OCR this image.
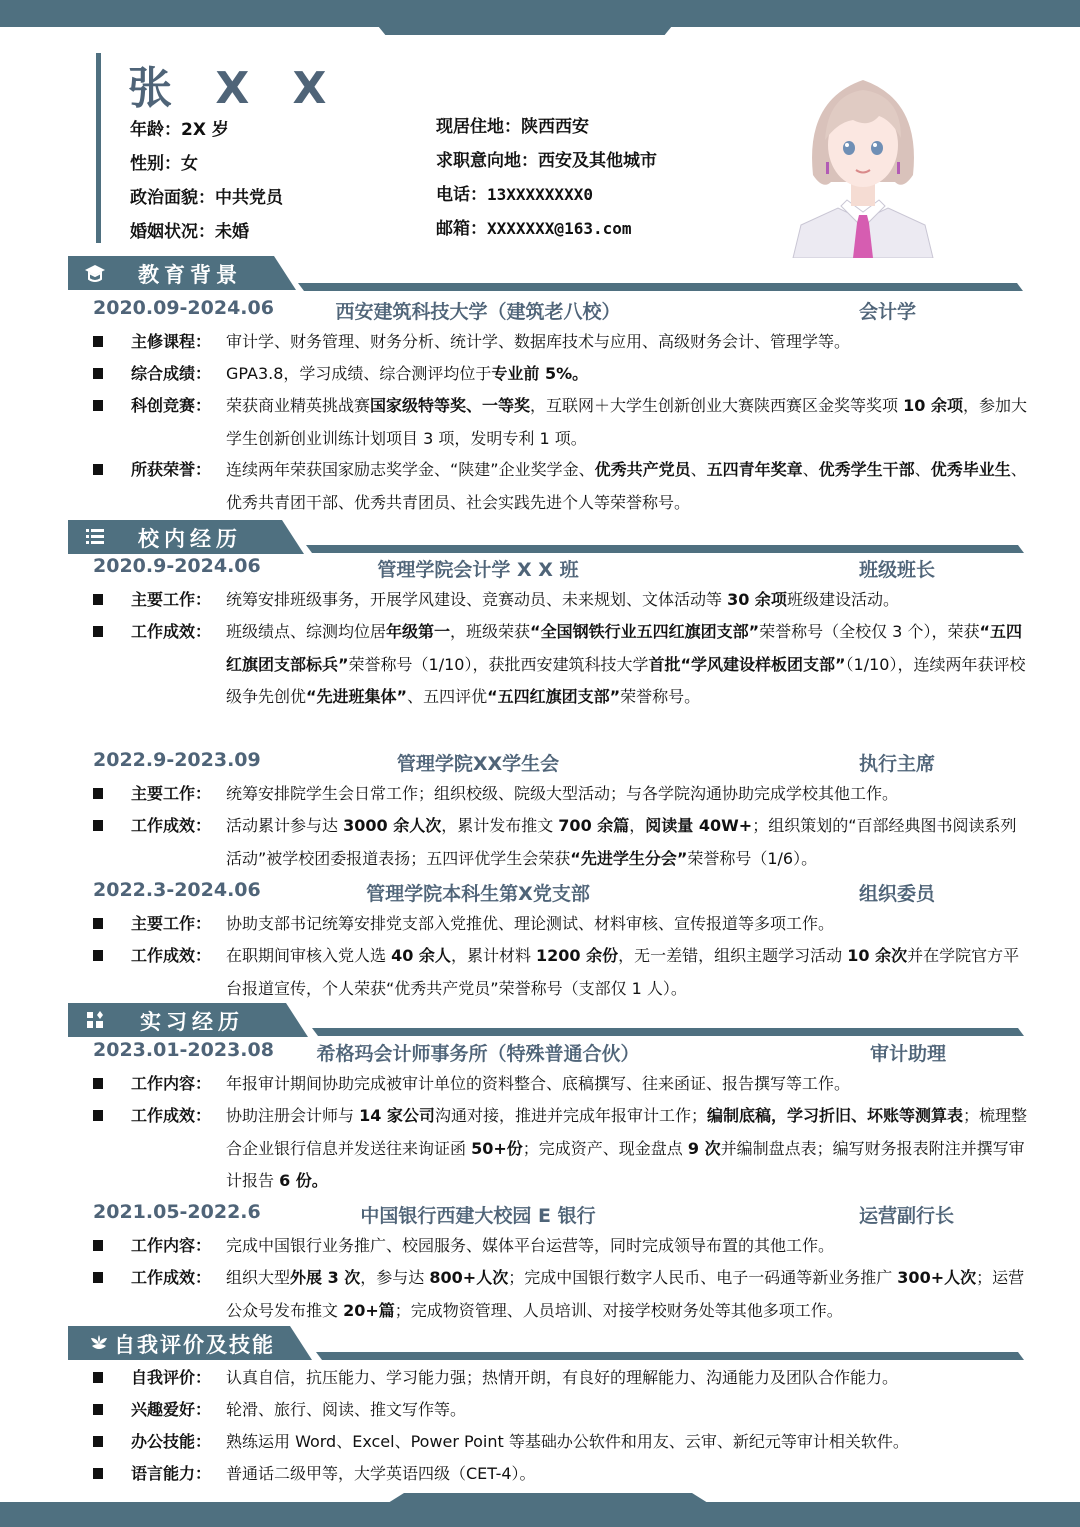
张 X X
年龄：2X 岁
性别：女
政治面貌：中共党员
婚姻状况：未婚
现居住地：陕西西安
求职意向地：西安及其他城市
电话：13XXXXXXXX0
邮箱：XXXXXXX@163.com
教育背景
2020.09-2024.06	西安建筑科技大学（建筑老八校）	会计学
主修课程： 审计学、财务管理、财务分析、统计学、数据库技术与应用、高级财务会计、管理学等。
综合成绩： GPA3.8，学习成绩、综合测评均位于专业前 5%。
科创竞赛： 荣获商业精英挑战赛国家级特等奖、一等奖，互联网＋大学生创新创业大赛陕西赛区金奖等奖项 10 余项，参加大学生创新创业训练计划项目 3 项，发明专利 1 项。
所获荣誉： 连续两年荣获国家励志奖学金、“陕建”企业奖学金、优秀共产党员、五四青年奖章、优秀学生干部、优秀毕业生、优秀共青团干部、优秀共青团员、社会实践先进个人等荣誉称号。
校内经历
2020.9-2024.06	管理学院会计学 X X 班	班级班长
主要工作： 统筹安排班级事务，开展学风建设、竞赛动员、未来规划、文体活动等 30 余项班级建设活动。
工作成效： 班级绩点、综测均位居年级第一，班级荣获“全国钢铁行业五四红旗团支部”荣誉称号（全校仅 3 个），荣获“五四红旗团支部标兵”荣誉称号（1/10），获批西安建筑科技大学首批“学风建设样板团支部”（1/10），连续两年获评校级争先创优“先进班集体”、五四评优“五四红旗团支部”荣誉称号。
2022.9-2023.09	管理学院XX学生会	执行主席
主要工作： 统筹安排院学生会日常工作；组织校级、院级大型活动；与各学院沟通协助完成学校其他工作。
工作成效： 活动累计参与达 3000 余人次，累计发布推文 700 余篇，阅读量 40W+；组织策划的“百部经典图书阅读系列活动”被学校团委报道表扬；五四评优学生会荣获“先进学生分会”荣誉称号（1/6）。
2022.3-2024.06	管理学院本科生第X党支部	组织委员
主要工作： 协助支部书记统筹安排党支部入党推优、理论测试、材料审核、宣传报道等多项工作。
工作成效： 在职期间审核入党人选 40 余人，累计材料 1200 余份，无一差错，组织主题学习活动 10 余次并在学院官方平台报道宣传，个人荣获“优秀共产党员”荣誉称号（支部仅 1 人）。
实习经历
2023.01-2023.08	希格玛会计师事务所（特殊普通合伙）	审计助理
工作内容： 年报审计期间协助完成被审计单位的资料整合、底稿撰写、往来函证、报告撰写等工作。
工作成效： 协助注册会计师与 14 家公司沟通对接，推进并完成年报审计工作；编制底稿，学习折旧、坏账等测算表；梳理整合企业银行信息并发送往来询证函 50+份；完成资产、现金盘点 9 次并编制盘点表；编写财务报表附注并撰写审计报告 6 份。
2021.05-2022.6	中国银行西建大校园 E 银行	运营副行长
工作内容： 完成中国银行业务推广、校园服务、媒体平台运营等，同时完成领导布置的其他工作。
工作成效： 组织大型外展 3 次，参与达 800+人次；完成中国银行数字人民币、电子一码通等新业务推广 300+人次；运营公众号发布推文 20+篇；完成物资管理、人员培训、对接学校财务处等其他多项工作。
自我评价及技能
自我评价： 认真自信，抗压能力、学习能力强；热情开朗，有良好的理解能力、沟通能力及团队合作能力。
兴趣爱好： 轮滑、旅行、阅读、推文写作等。
办公技能： 熟练运用 Word、Excel、Power Point 等基础办公软件和用友、云审、新纪元等审计相关软件。
语言能力： 普通话二级甲等，大学英语四级（CET-4）。
